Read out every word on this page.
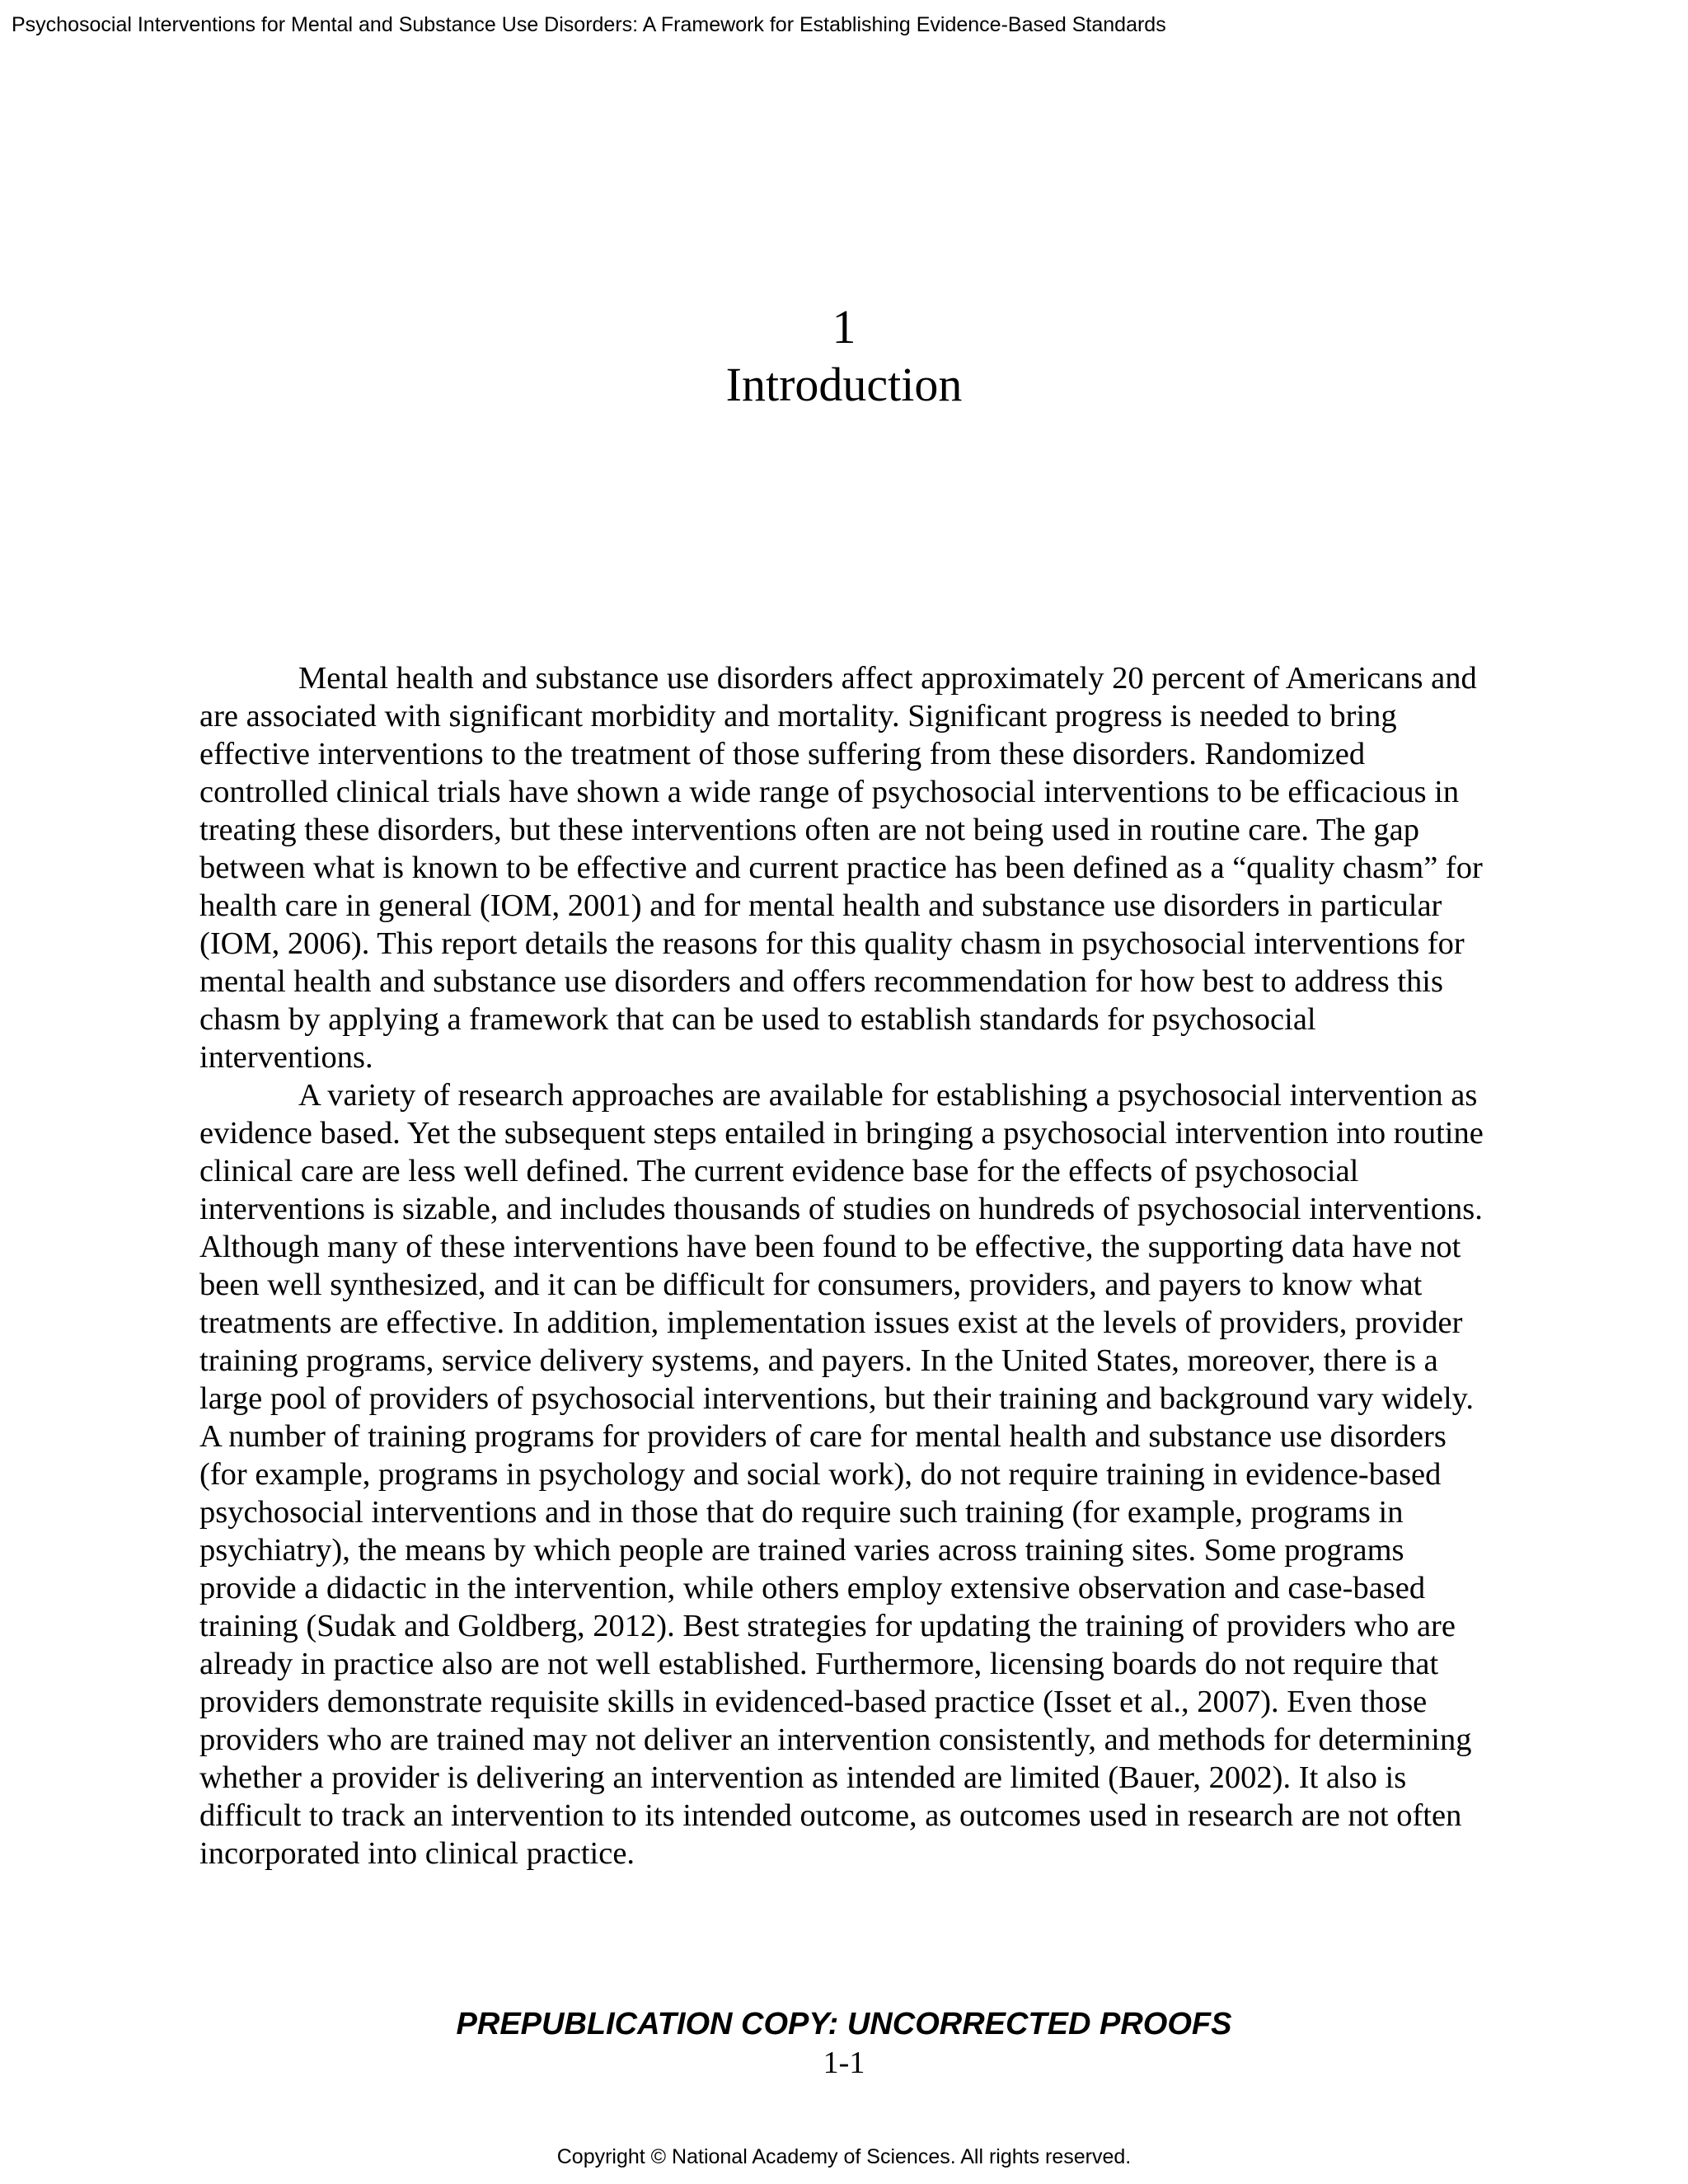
Psychosocial Interventions for Mental and Substance Use Disorders: A Framework for Establishing Evidence-Based Standards
1
Introduction

Mental health and substance use disorders affect approximately 20 percent of Americans and are associated with significant morbidity and mortality. Significant progress is needed to bring effective interventions to the treatment of those suffering from these disorders. Randomized controlled clinical trials have shown a wide range of psychosocial interventions to be efficacious in treating these disorders, but these interventions often are not being used in routine care. The gap between what is known to be effective and current practice has been defined as a “quality chasm” for health care in general (IOM, 2001) and for mental health and substance use disorders in particular (IOM, 2006). This report details the reasons for this quality chasm in psychosocial interventions for mental health and substance use disorders and offers recommendation for how best to address this chasm by applying a framework that can be used to establish standards for psychosocial interventions.

A variety of research approaches are available for establishing a psychosocial intervention as evidence based. Yet the subsequent steps entailed in bringing a psychosocial intervention into routine clinical care are less well defined. The current evidence base for the effects of psychosocial interventions is sizable, and includes thousands of studies on hundreds of psychosocial interventions. Although many of these interventions have been found to be effective, the supporting data have not been well synthesized, and it can be difficult for consumers, providers, and payers to know what treatments are effective. In addition, implementation issues exist at the levels of providers, provider training programs, service delivery systems, and payers. In the United States, moreover, there is a large pool of providers of psychosocial interventions, but their training and background vary widely. A number of training programs for providers of care for mental health and substance use disorders (for example, programs in psychology and social work), do not require training in evidence-based psychosocial interventions and in those that do require such training (for example, programs in psychiatry), the means by which people are trained varies across training sites. Some programs provide a didactic in the intervention, while others employ extensive observation and case-based training (Sudak and Goldberg, 2012). Best strategies for updating the training of providers who are already in practice also are not well established. Furthermore, licensing boards do not require that providers demonstrate requisite skills in evidenced-based practice (Isset et al., 2007). Even those providers who are trained may not deliver an intervention consistently, and methods for determining whether a provider is delivering an intervention as intended are limited (Bauer, 2002). It also is difficult to track an intervention to its intended outcome, as outcomes used in research are not often incorporated into clinical practice.

PREPUBLICATION COPY: UNCORRECTED PROOFS
1-1
Copyright © National Academy of Sciences. All rights reserved.
